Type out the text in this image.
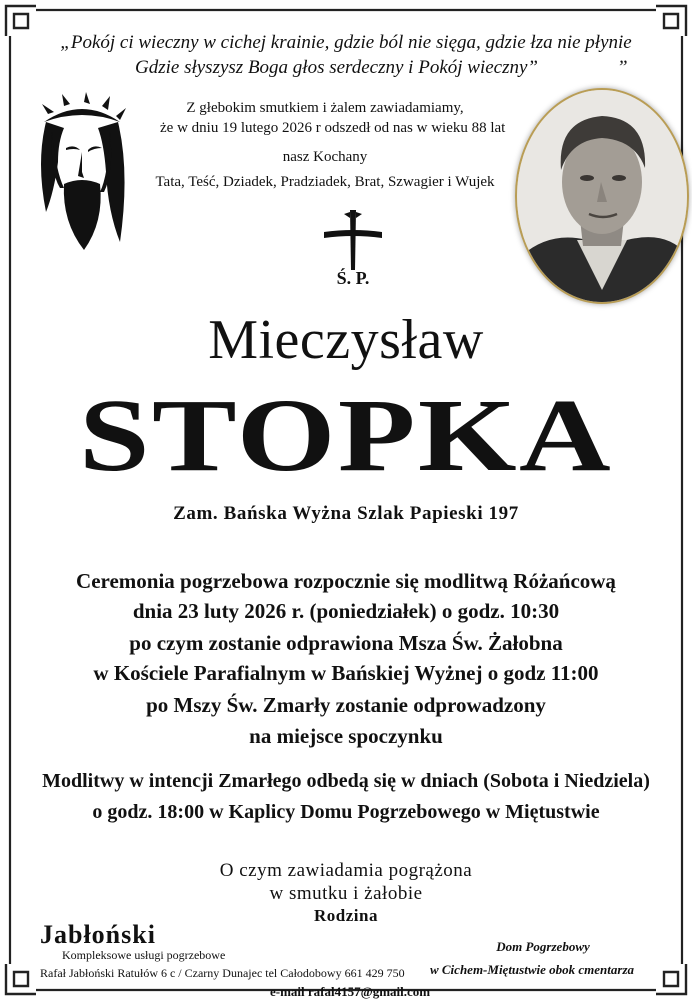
„Pokój ci wieczny w cichej krainie, gdzie ból nie sięga, gdzie łza nie płynie
Gdzie słyszysz Boga głos serdeczny i Pokój wieczny”	”
Z głebokim smutkiem i żalem zawiadamiamy,
że w dniu 19 lutego 2026 r odszedł od nas w wieku 88 lat
nasz Kochany
Tata, Teść, Dziadek, Pradziadek, Brat, Szwagier i Wujek
Ś. P.
Mieczysław
STOPKA
Zam. Bańska Wyżna Szlak Papieski 197
Ceremonia pogrzebowa rozpocznie się modlitwą Różańcową
dnia 23 luty 2026 r. (poniedziałek) o godz. 10:30
po czym zostanie odprawiona Msza Św. Żałobna
w Kościele Parafialnym w Bańskiej Wyżnej o godz 11:00
po Mszy Św. Zmarły zostanie odprowadzony
na miejsce spoczynku
Modlitwy w intencji Zmarłego odbedą się w dniach (Sobota i Niedziela)
o godz. 18:00 w Kaplicy Domu Pogrzebowego w Miętustwie
O czym zawiadamia pogrążona
w smutku i żałobie
Rodzina
Jabłoński
Kompleksowe usługi pogrzebowe
Rafał Jabłoński Ratułów 6 c / Czarny Dunajec tel Całodobowy 661 429 750
e-mail rafal4157@gmail.com
Dom Pogrzebowy
w Cichem-Miętustwie obok cmentarza
